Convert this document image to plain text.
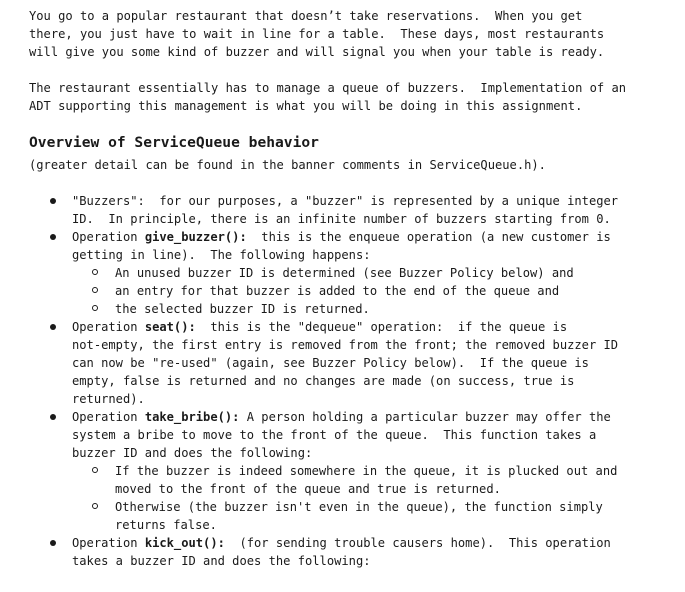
You go to a popular restaurant that doesn’t take reservations.  When you get
there, you just have to wait in line for a table.  These days, most restaurants
will give you some kind of buzzer and will signal you when your table is ready.
The restaurant essentially has to manage a queue of buzzers.  Implementation of an
ADT supporting this management is what you will be doing in this assignment.
Overview of ServiceQueue behavior
(greater detail can be found in the banner comments in ServiceQueue.h).
"Buzzers":  for our purposes, a "buzzer" is represented by a unique integer
ID.  In principle, there is an infinite number of buzzers starting from 0.
Operation give_buzzer():  this is the enqueue operation (a new customer is
getting in line).  The following happens:
An unused buzzer ID is determined (see Buzzer Policy below) and
an entry for that buzzer is added to the end of the queue and
the selected buzzer ID is returned.
Operation seat():  this is the "dequeue" operation:  if the queue is
not-empty, the first entry is removed from the front; the removed buzzer ID
can now be "re-used" (again, see Buzzer Policy below).  If the queue is
empty, false is returned and no changes are made (on success, true is
returned).
Operation take_bribe(): A person holding a particular buzzer may offer the
system a bribe to move to the front of the queue.  This function takes a
buzzer ID and does the following:
If the buzzer is indeed somewhere in the queue, it is plucked out and
moved to the front of the queue and true is returned.
Otherwise (the buzzer isn't even in the queue), the function simply
returns false.
Operation kick_out():  (for sending trouble causers home).  This operation
takes a buzzer ID and does the following:
